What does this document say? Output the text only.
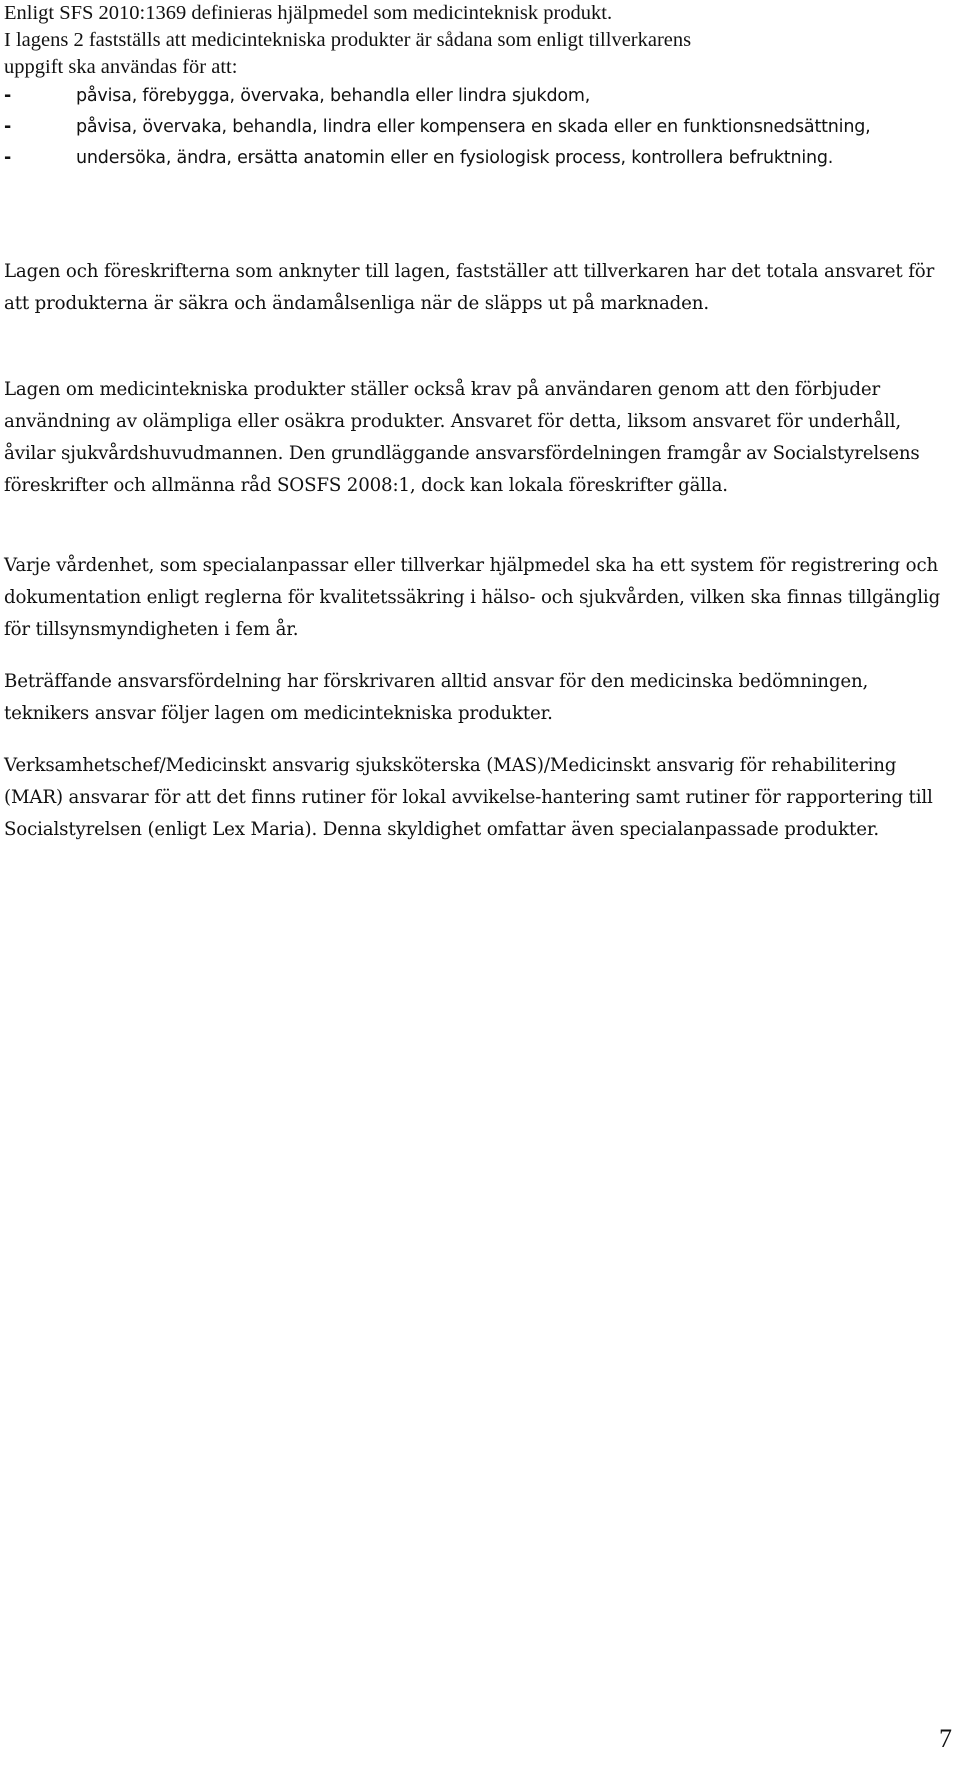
Enligt SFS 2010:1369 definieras hjälpmedel som medicinteknisk produkt.

I lagens 2 fastställs att medicintekniska produkter är sådana som enligt tillverkarens

uppgift ska användas för att:

-	påvisa, förebygga, övervaka, behandla eller lindra sjukdom,
-	påvisa, övervaka, behandla, lindra eller kompensera en skada eller en funktionsnedsättning,
-	undersöka, ändra, ersätta anatomin eller en fysiologisk process, kontrollera befruktning.

Lagen och föreskrifterna som anknyter till lagen, fastställer att tillverkaren har det totala ansvaret för att produkterna är säkra och ändamålsenliga när de släpps ut på marknaden.

Lagen om medicintekniska produkter ställer också krav på användaren genom att den förbjuder användning av olämpliga eller osäkra produkter. Ansvaret för detta, liksom ansvaret för underhåll, åvilar sjukvårdshuvudmannen. Den grundläggande ansvarsfördelningen framgår av Socialstyrelsens föreskrifter och allmänna råd SOSFS 2008:1, dock kan lokala föreskrifter gälla.

Varje vårdenhet, som specialanpassar eller tillverkar hjälpmedel ska ha ett system för registrering och dokumentation enligt reglerna för kvalitetssäkring i hälso- och sjukvården, vilken ska finnas tillgänglig för tillsynsmyndigheten i fem år.

Beträffande ansvarsfördelning har förskrivaren alltid ansvar för den medicinska bedömningen, teknikers ansvar följer lagen om medicintekniska produkter.

Verksamhetschef/Medicinskt ansvarig sjuksköterska (MAS)/Medicinskt ansvarig för rehabilitering (MAR) ansvarar för att det finns rutiner för lokal avvikelse-hantering samt rutiner för rapportering till Socialstyrelsen (enligt Lex Maria). Denna skyldighet omfattar även specialanpassade produkter.

7
